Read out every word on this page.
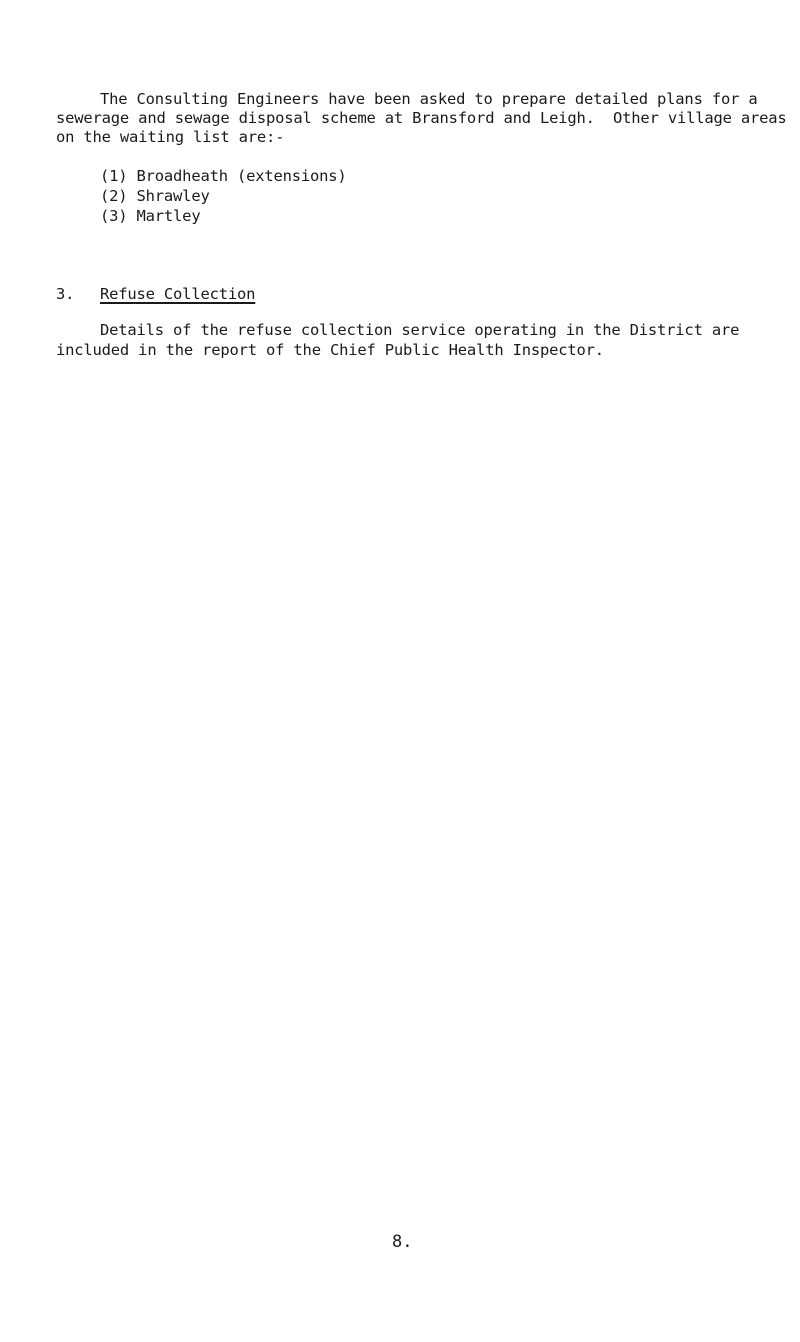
The Consulting Engineers have been asked to prepare detailed plans for a
sewerage and sewage disposal scheme at Bransford and Leigh.  Other village areas
on the waiting list are:-
(1) Broadheath (extensions)
(2) Shrawley
(3) Martley
3. Refuse Collection
Details of the refuse collection service operating in the District are
included in the report of the Chief Public Health Inspector.
8.
